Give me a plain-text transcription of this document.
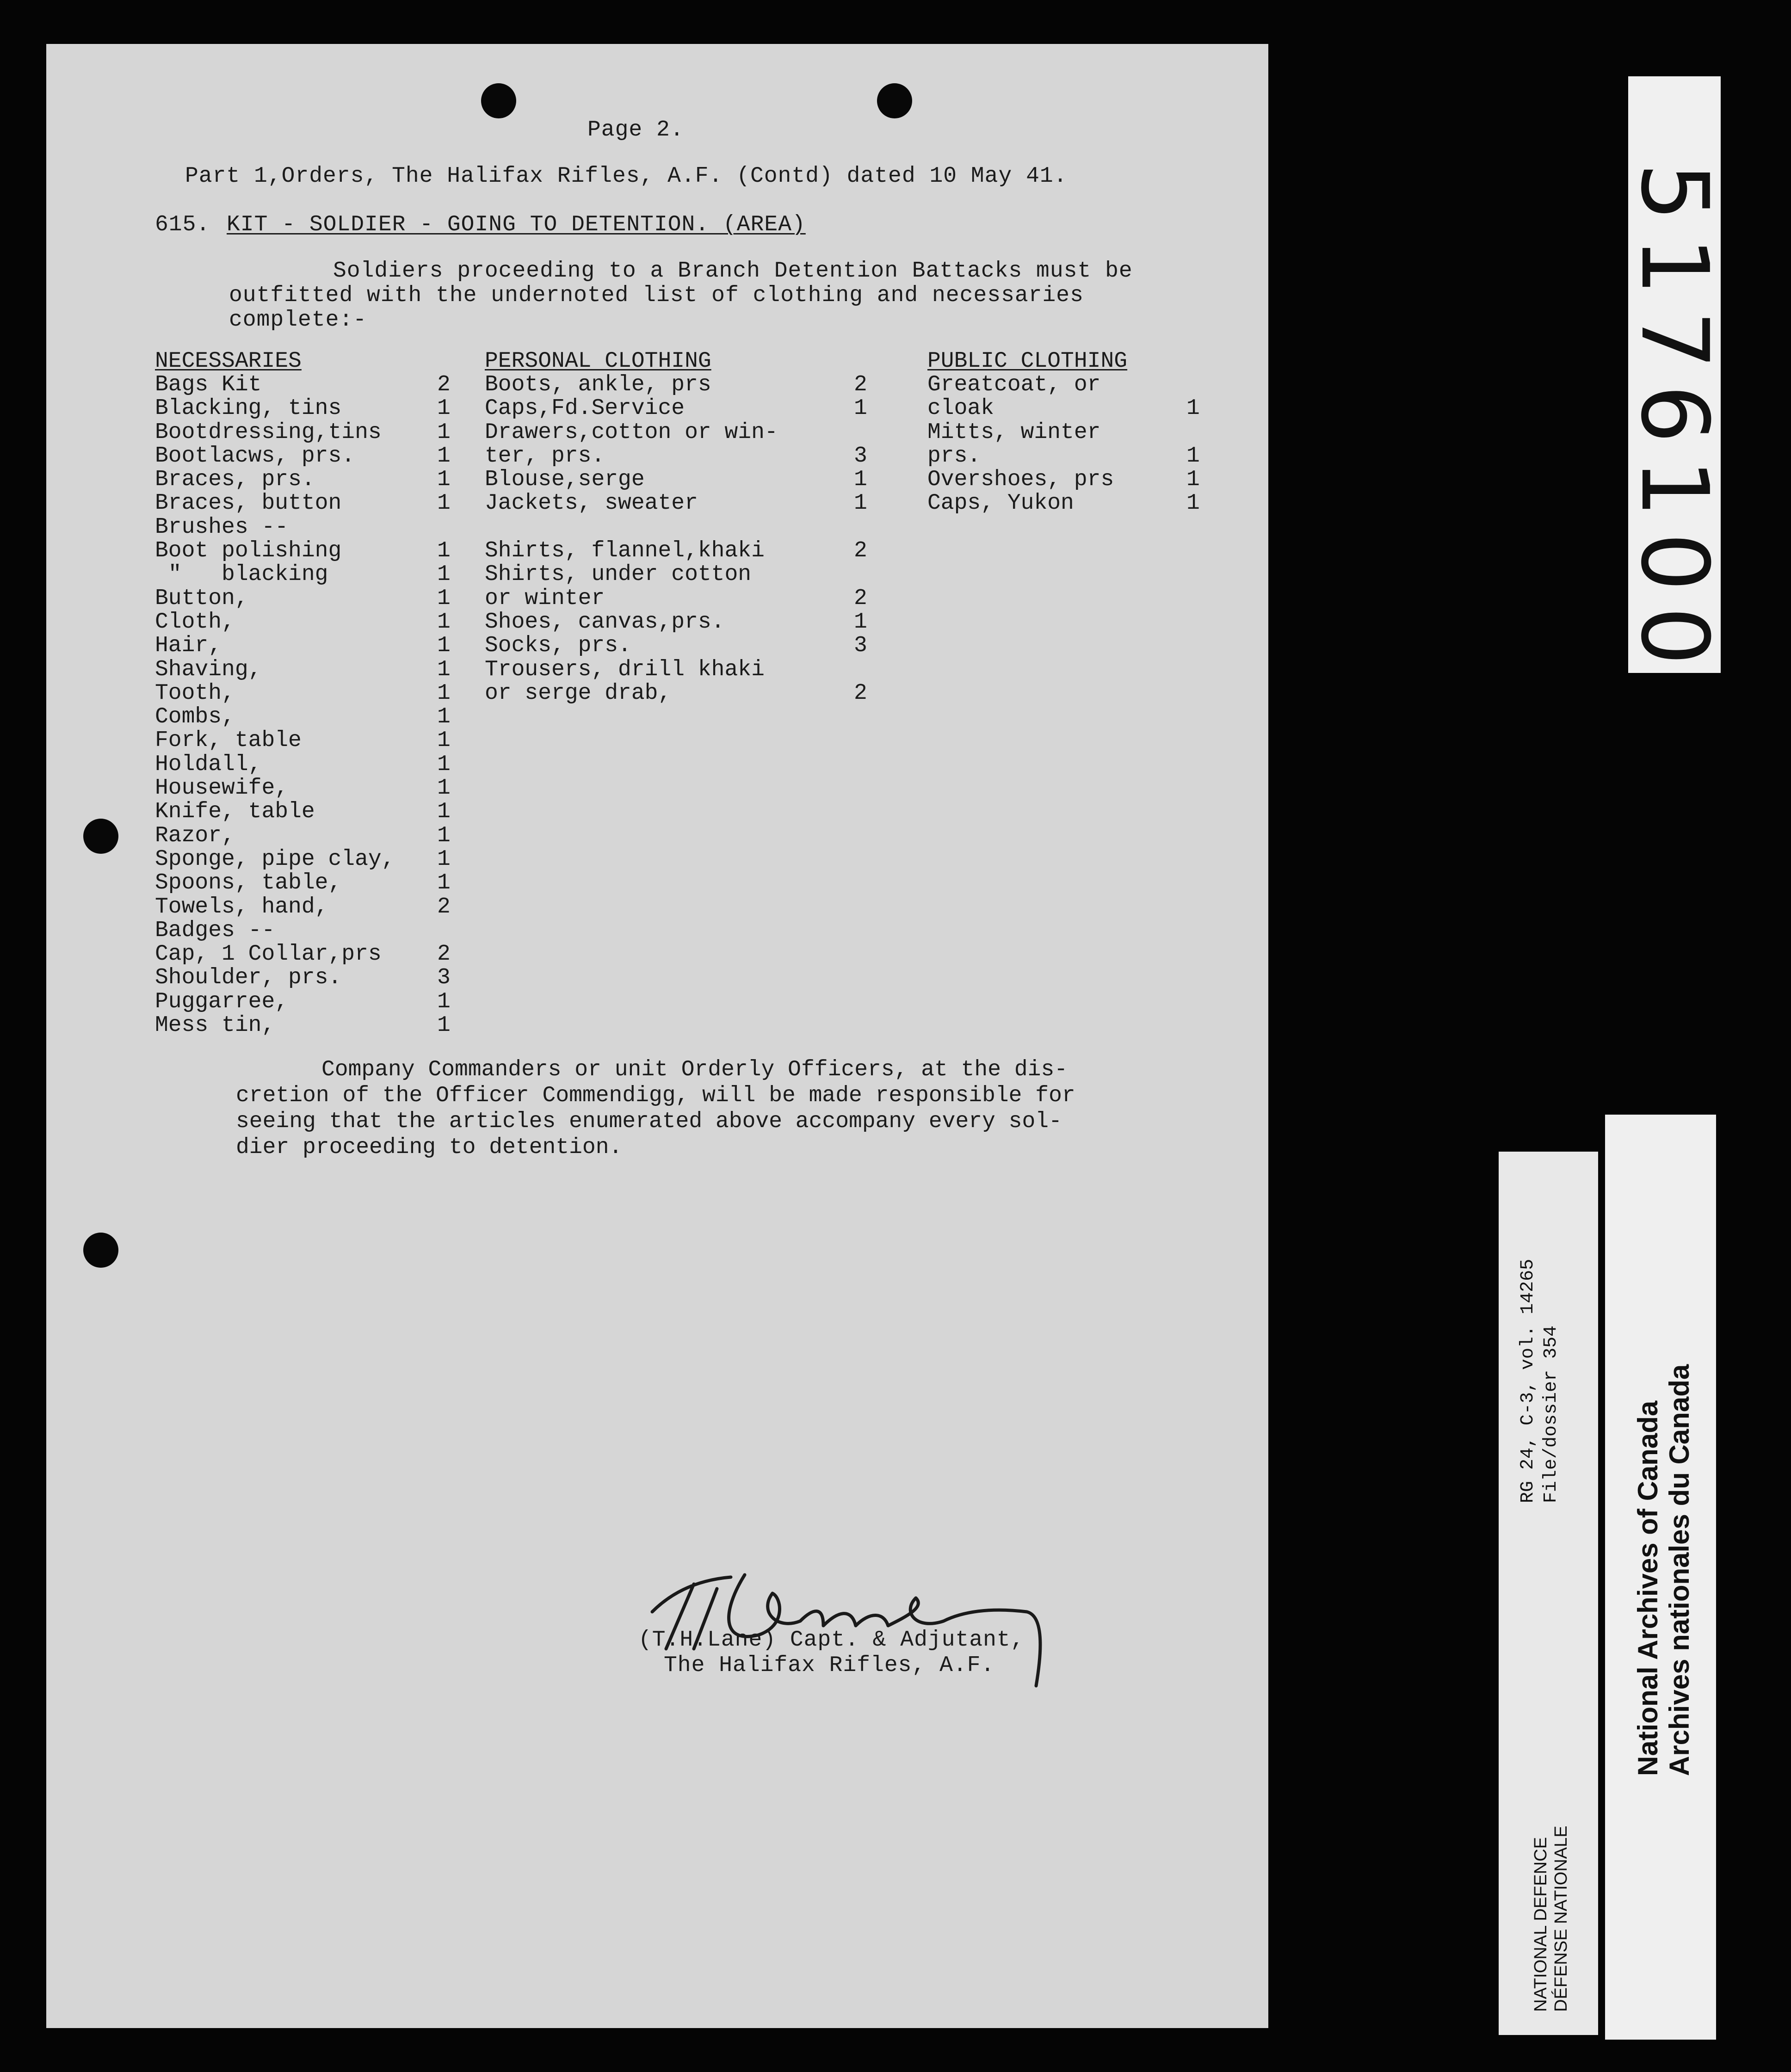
Page 2.
Part 1,Orders, The Halifax Rifles, A.F. (Contd) dated 10 May 41.
615. KIT - SOLDIER - GOING TO DETENTION. (AREA)
Soldiers proceeding to a Branch Detention Battacks must be
outfitted with the undernoted list of clothing and necessaries
complete:-
NECESSARIES
Bags Kit	2
Blacking, tins	1
Bootdressing,tins	1
Bootlacws, prs.	1
Braces, prs.	1
Braces, button	1
Brushes --
Boot polishing	1
"   blacking	1
Button,	1
Cloth,	1
Hair,	1
Shaving,	1
Tooth,	1
Combs,	1
Fork, table	1
Holdall,	1
Housewife,	1
Knife, table	1
Razor,	1
Sponge, pipe clay, 1
Spoons, table,	1
Towels, hand,	2
Badges --
Cap, 1 Collar,prs	2
Shoulder, prs.	3
Puggarree,	1
Mess tin,	1
PERSONAL CLOTHING
Boots, ankle, prs	2
Caps,Fd.Service	1
Drawers,cotton or win-
ter, prs.	3
Blouse,serge	1
Jackets, sweater	1
Shirts, flannel,khaki	2
Shirts, under cotton
or winter	2
Shoes, canvas,prs.	1
Socks, prs.	3
Trousers, drill khaki
or serge drab,	2
PUBLIC CLOTHING
Greatcoat, or
cloak	1
Mitts, winter
prs.	1
Overshoes, prs	1
Caps, Yukon	1
Company Commanders or unit Orderly Officers, at the dis-
cretion of the Officer Commendigg, will be made responsible for
seeing that the articles enumerated above accompany every sol-
dier proceeding to detention.
(T.H.Lane) Capt. & Adjutant,
The Halifax Rifles, A.F.
0
0
1
6
7
1
5
RG 24, C-3, vol. 14265 File/dossier 354
NATIONAL DEFENCE DÉFENSE NATIONALE
National Archives of Canada Archives nationales du Canada
